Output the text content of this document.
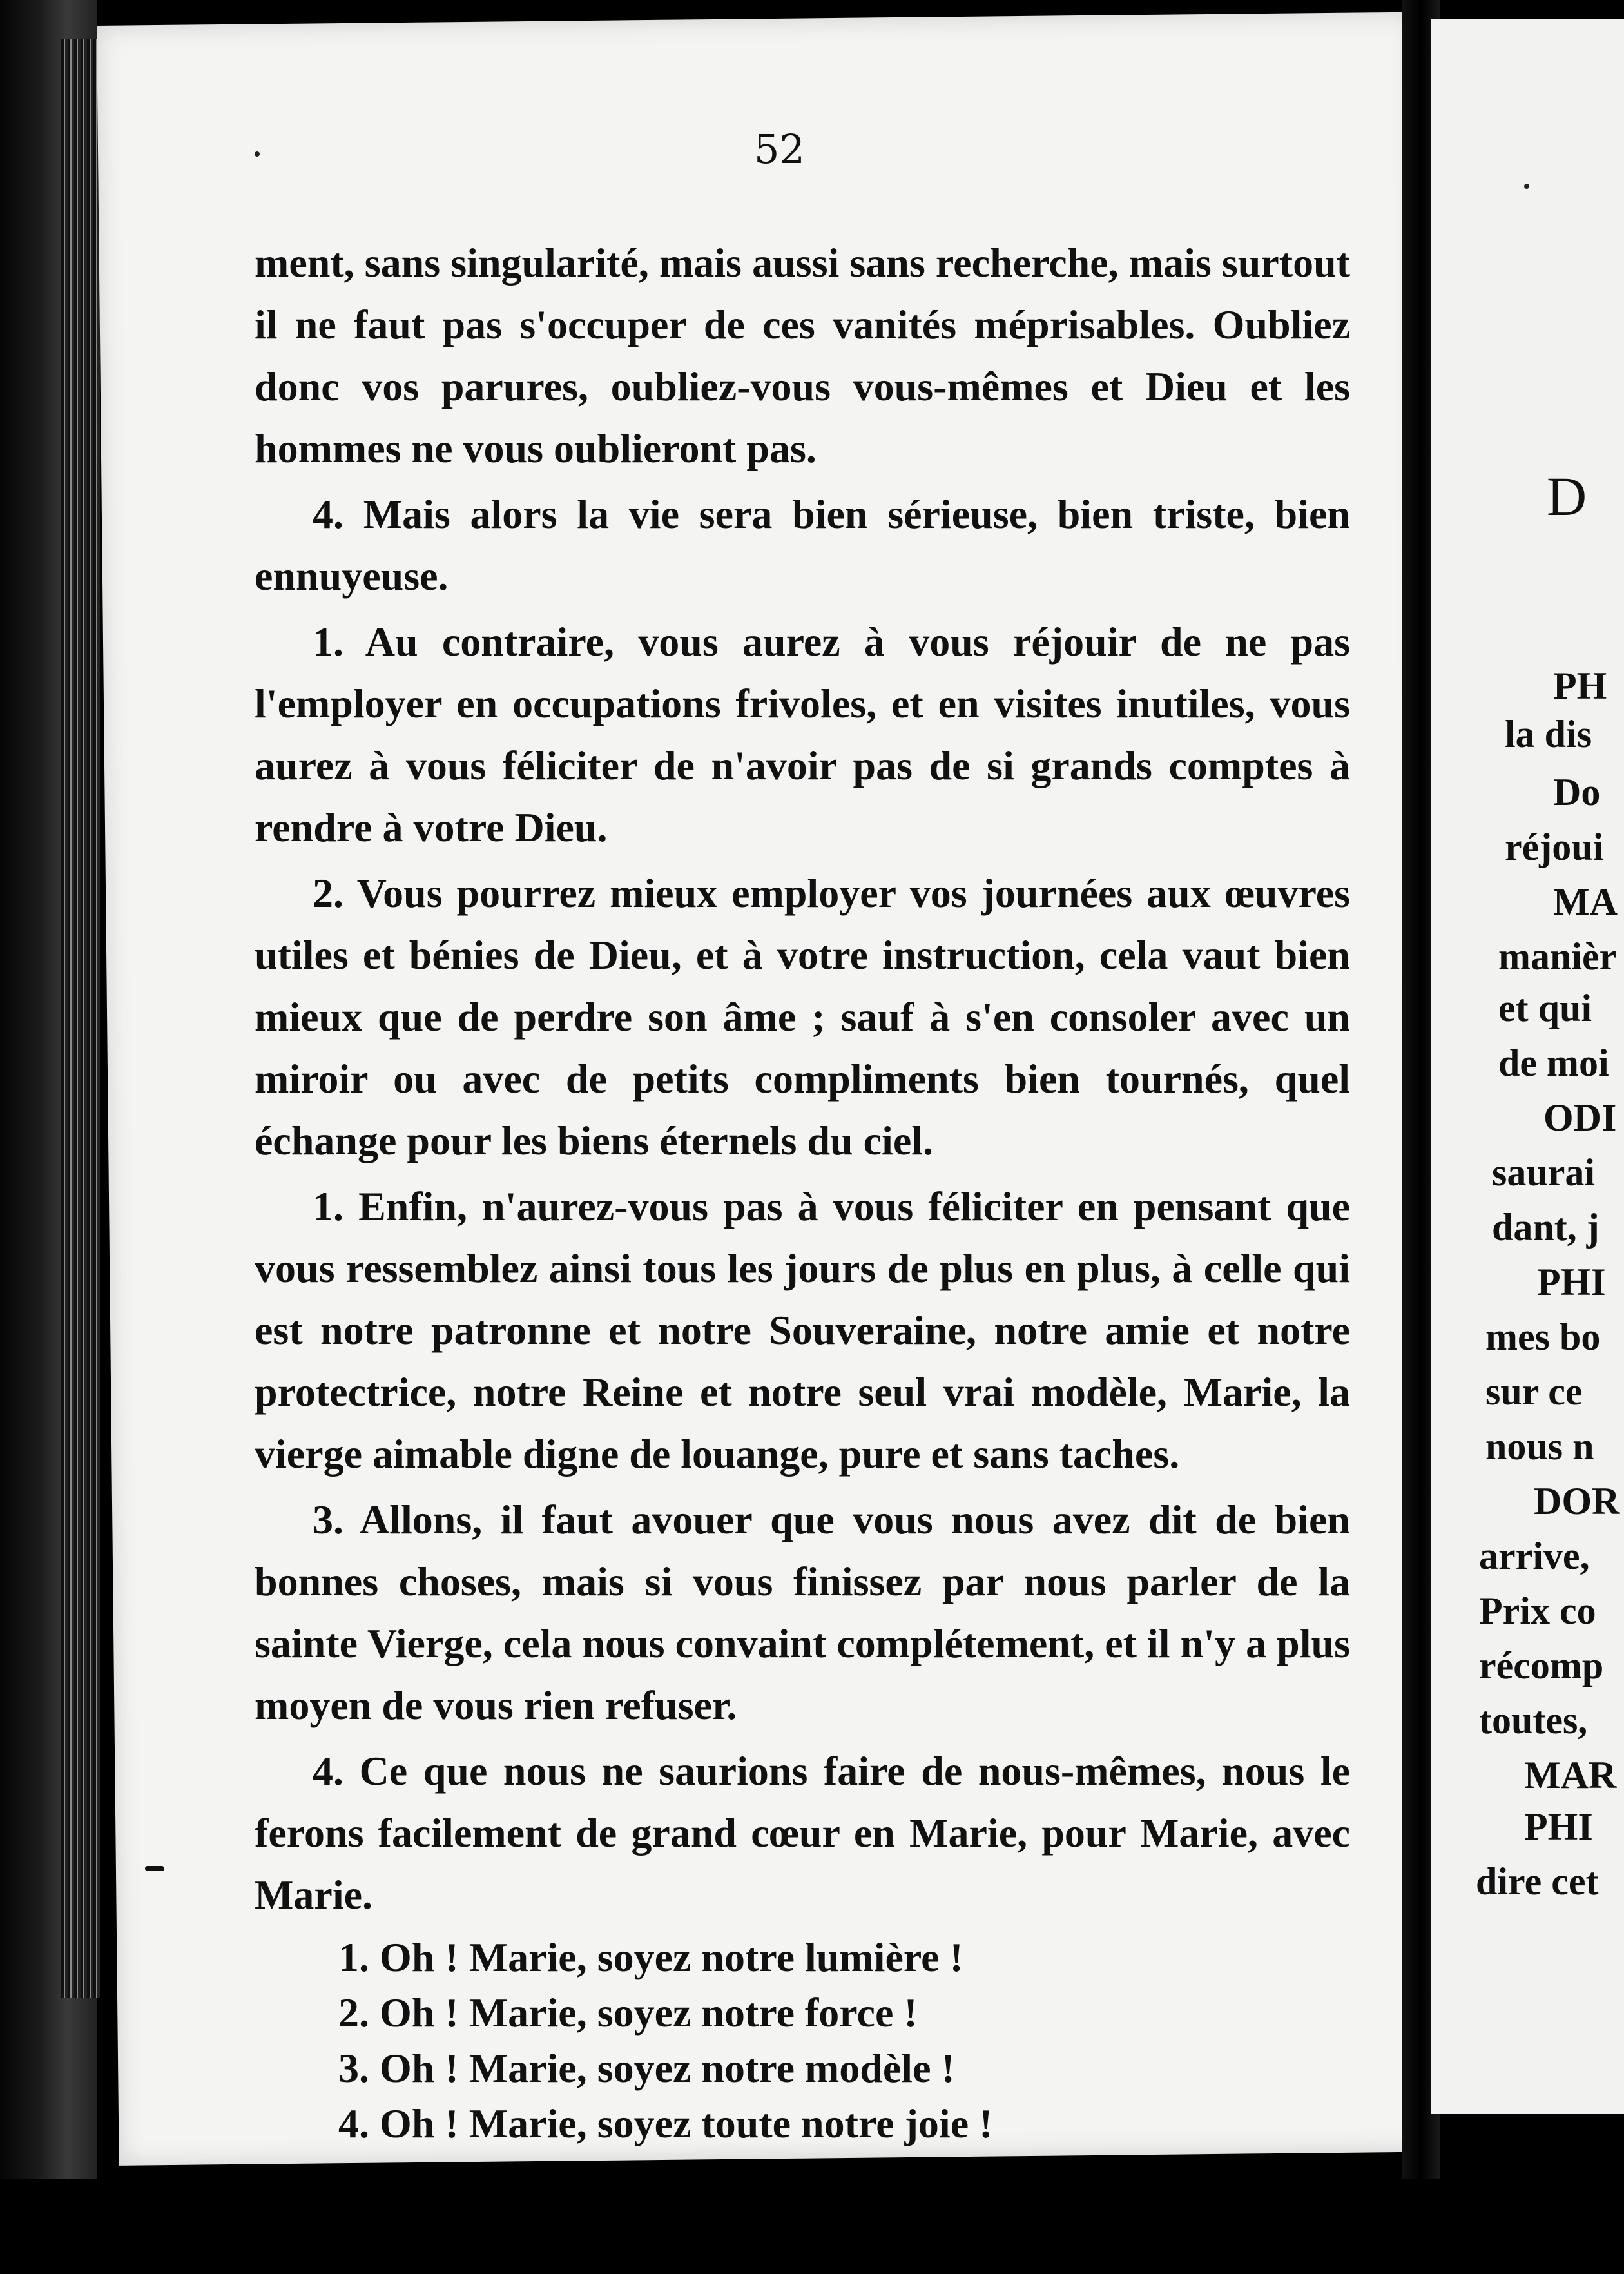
52

ment, sans singularité, mais aussi sans recherche, mais surtout il ne faut pas s'occuper de ces vanités méprisables. Oubliez donc vos parures, oubliez-vous vous-mêmes et Dieu et les hommes ne vous oublieront pas.

4. Mais alors la vie sera bien sérieuse, bien triste, bien ennuyeuse.

1. Au contraire, vous aurez à vous réjouir de ne pas l'employer en occupations frivoles, et en visites inutiles, vous aurez à vous féliciter de n'avoir pas de si grands comptes à rendre à votre Dieu.

2. Vous pourrez mieux employer vos journées aux œuvres utiles et bénies de Dieu, et à votre instruction, cela vaut bien mieux que de perdre son âme ; sauf à s'en consoler avec un miroir ou avec de petits compliments bien tournés, quel échange pour les biens éternels du ciel.

1. Enfin, n'aurez-vous pas à vous féliciter en pensant que vous ressemblez ainsi tous les jours de plus en plus, à celle qui est notre patronne et notre Souveraine, notre amie et notre protectrice, notre Reine et notre seul vrai modèle, Marie, la vierge aimable digne de louange, pure et sans taches.

3. Allons, il faut avouer que vous nous avez dit de bien bonnes choses, mais si vous finissez par nous parler de la sainte Vierge, cela nous convaint complétement, et il n'y a plus moyen de vous rien refuser.

4. Ce que nous ne saurions faire de nous-mêmes, nous le ferons facilement de grand cœur en Marie, pour Marie, avec Marie.

1. Oh ! Marie, soyez notre lumière !

2. Oh ! Marie, soyez notre force !

3. Oh ! Marie, soyez notre modèle !

4. Oh ! Marie, soyez toute notre joie !

D
PH
la dis
Do
réjoui
MA
manièr
et qui
de moi
ODI
saurai
dant, j
PHI
mes bo
sur ce
nous n
DOR
arrive,
Prix co
récomp
toutes,
MAR
PHI
dire cet
